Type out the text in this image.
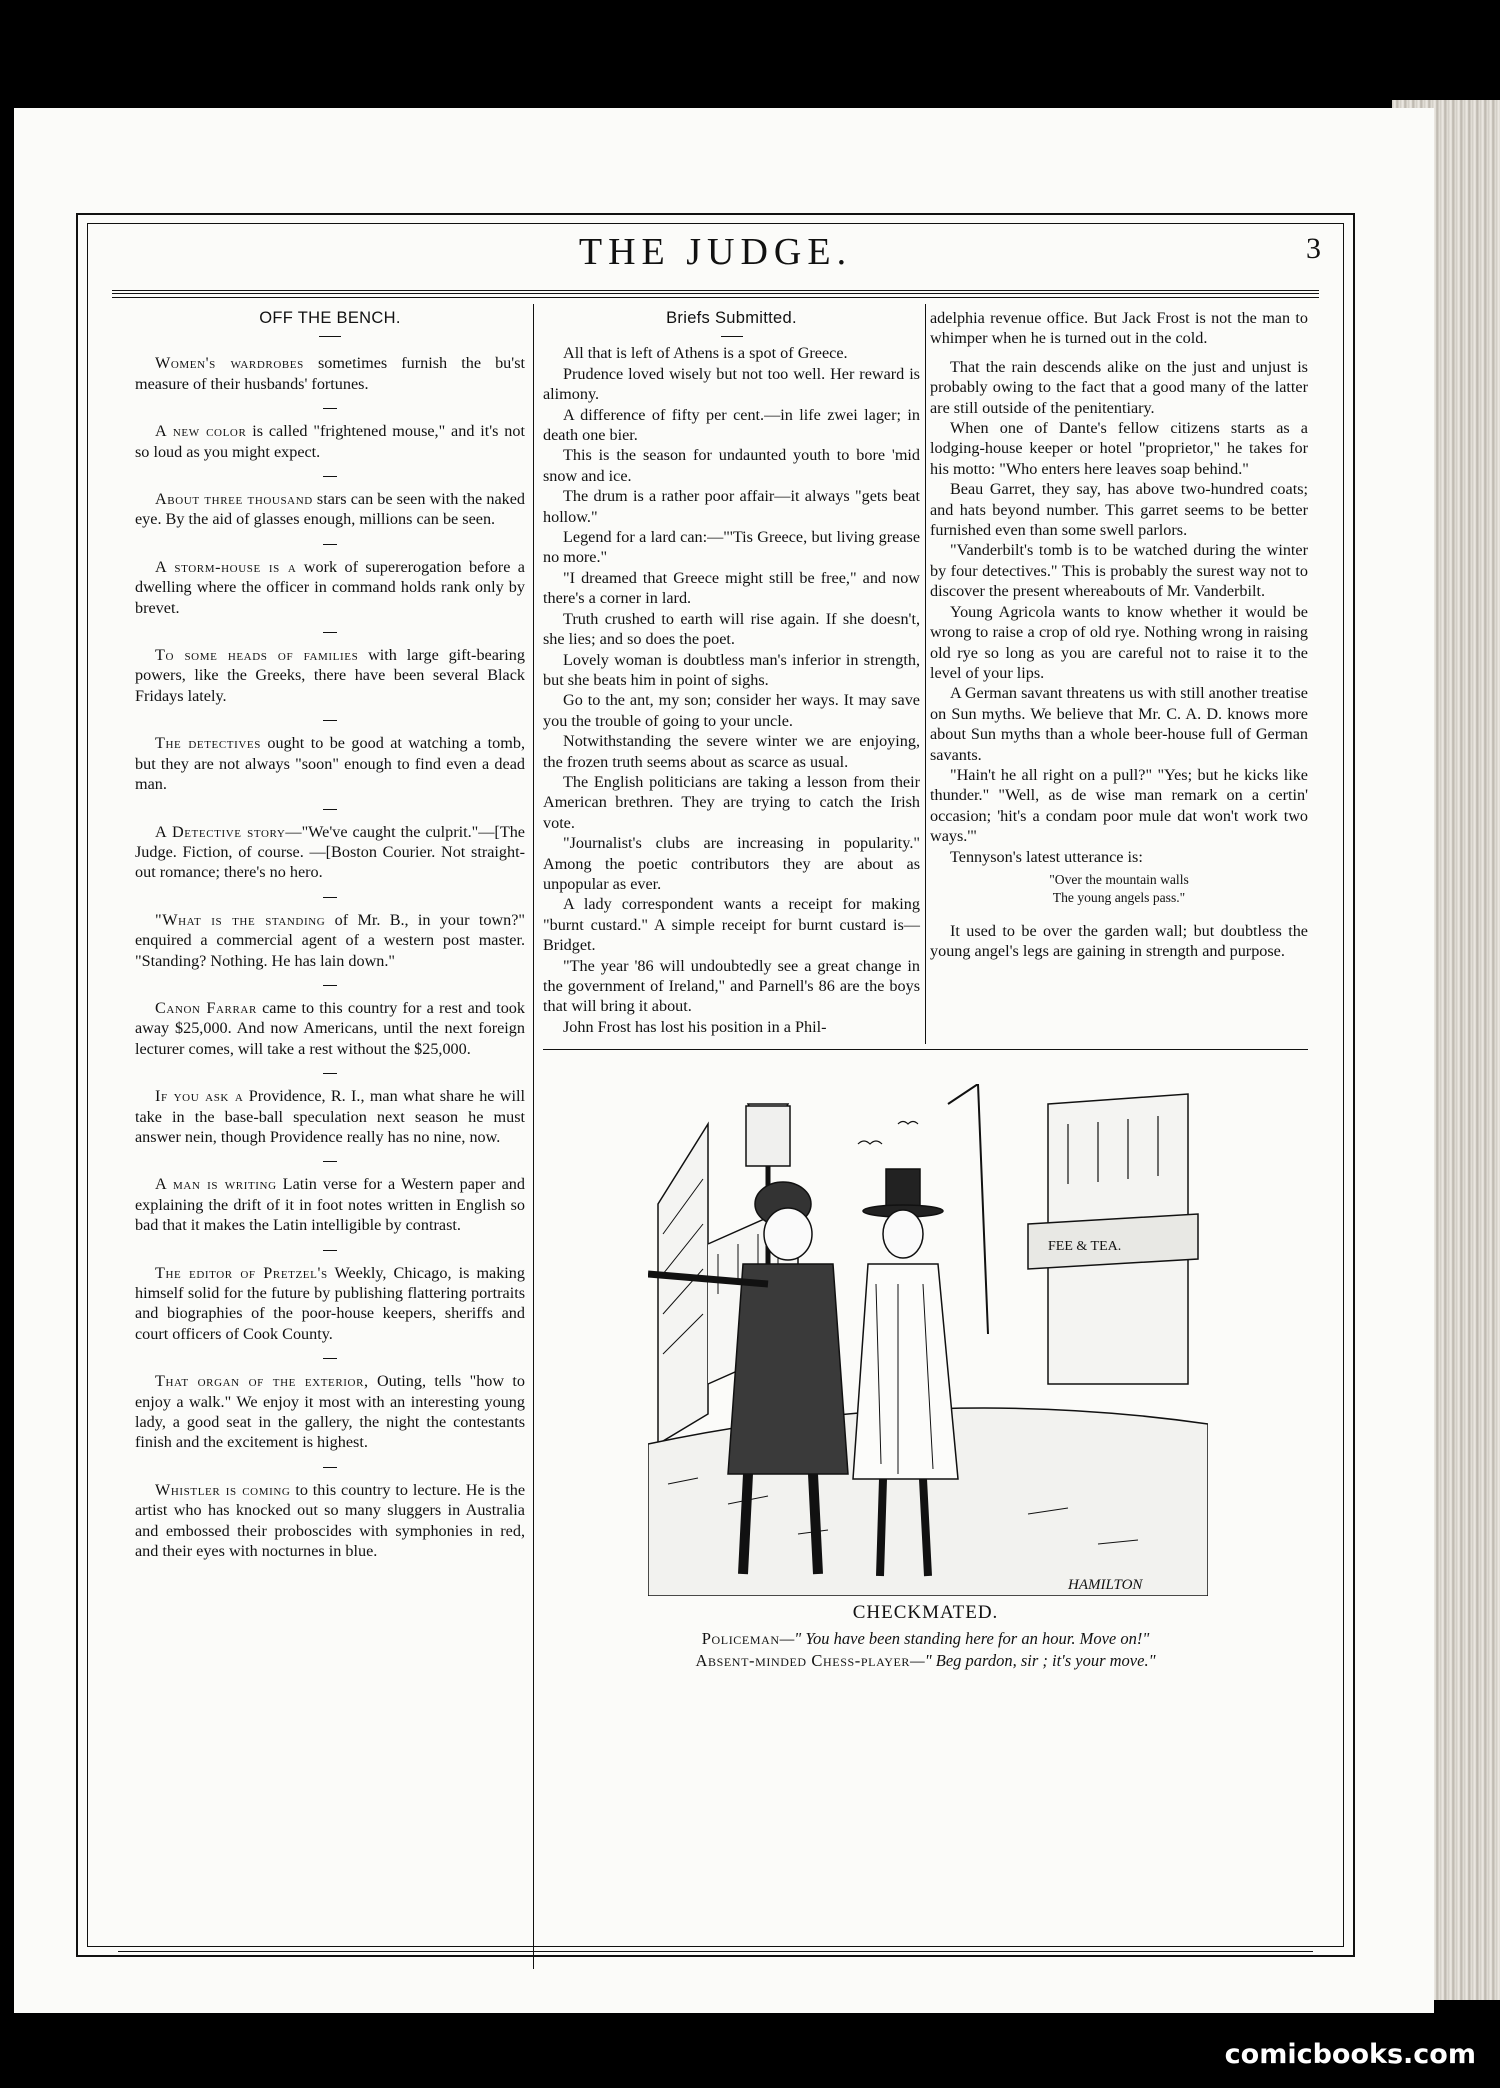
THE JUDGE.	3
OFF THE BENCH.

Women's wardrobes sometimes furnish the bu'st measure of their husbands' fortunes.

A new color is called "frightened mouse," and it's not so loud as you might expect.

About three thousand stars can be seen with the naked eye. By the aid of glasses enough, millions can be seen.

A storm-house is a work of supererogation before a dwelling where the officer in command holds rank only by brevet.

To some heads of families with large gift-bearing powers, like the Greeks, there have been several Black Fridays lately.

The detectives ought to be good at watching a tomb, but they are not always "soon" enough to find even a dead man.

A Detective story—"We've caught the culprit."—[The Judge. Fiction, of course. —[Boston Courier. Not straight-out romance; there's no hero.

"What is the standing of Mr. B., in your town?" enquired a commercial agent of a western post master. "Standing? Nothing. He has lain down."

Canon Farrar came to this country for a rest and took away $25,000. And now Americans, until the next foreign lecturer comes, will take a rest without the $25,000.

If you ask a Providence, R. I., man what share he will take in the base-ball speculation next season he must answer nein, though Providence really has no nine, now.

A man is writing Latin verse for a Western paper and explaining the drift of it in foot notes written in English so bad that it makes the Latin intelligible by contrast.

The editor of Pretzel's Weekly, Chicago, is making himself solid for the future by publishing flattering portraits and biographies of the poor-house keepers, sheriffs and court officers of Cook County.

That organ of the exterior, Outing, tells "how to enjoy a walk." We enjoy it most with an interesting young lady, a good seat in the gallery, the night the contestants finish and the excitement is highest.

Whistler is coming to this country to lecture. He is the artist who has knocked out so many sluggers in Australia and embossed their proboscides with symphonies in red, and their eyes with nocturnes in blue.

Briefs Submitted.

All that is left of Athens is a spot of Greece.

Prudence loved wisely but not too well. Her reward is alimony.

A difference of fifty per cent.—in life zwei lager; in death one bier.

This is the season for undaunted youth to bore 'mid snow and ice.

The drum is a rather poor affair—it always "gets beat hollow."

Legend for a lard can:—"'Tis Greece, but living grease no more."

"I dreamed that Greece might still be free," and now there's a corner in lard.

Truth crushed to earth will rise again. If she doesn't, she lies; and so does the poet.

Lovely woman is doubtless man's inferior in strength, but she beats him in point of sighs.

Go to the ant, my son; consider her ways. It may save you the trouble of going to your uncle.

Notwithstanding the severe winter we are enjoying, the frozen truth seems about as scarce as usual.

The English politicians are taking a lesson from their American brethren. They are trying to catch the Irish vote.

"Journalist's clubs are increasing in popularity." Among the poetic contributors they are about as unpopular as ever.

A lady correspondent wants a receipt for making "burnt custard." A simple receipt for burnt custard is—Bridget.

"The year '86 will undoubtedly see a great change in the government of Ireland," and Parnell's 86 are the boys that will bring it about.

John Frost has lost his position in a Phil-

adelphia revenue office. But Jack Frost is not the man to whimper when he is turned out in the cold.

That the rain descends alike on the just and unjust is probably owing to the fact that a good many of the latter are still outside of the penitentiary.

When one of Dante's fellow citizens starts as a lodging-house keeper or hotel "proprietor," he takes for his motto: "Who enters here leaves soap behind."

Beau Garret, they say, has above two-hundred coats; and hats beyond number. This garret seems to be better furnished even than some swell parlors.

"Vanderbilt's tomb is to be watched during the winter by four detectives." This is probably the surest way not to discover the present whereabouts of Mr. Vanderbilt.

Young Agricola wants to know whether it would be wrong to raise a crop of old rye. Nothing wrong in raising old rye so long as you are careful not to raise it to the level of your lips.

A German savant threatens us with still another treatise on Sun myths. We believe that Mr. C. A. D. knows more about Sun myths than a whole beer-house full of German savants.

"Hain't he all right on a pull?" "Yes; but he kicks like thunder." "Well, as de wise man remark on a certin' occasion; 'hit's a condam poor mule dat won't work two ways.'"

Tennyson's latest utterance is:

"Over the mountain walls
The young angels pass."

It used to be over the garden wall; but doubtless the young angel's legs are gaining in strength and purpose.

FEE & TEA.
HAMILTON
CHECKMATED.
Policeman—" You have been standing here for an hour. Move on!"
Absent-minded Chess-player—" Beg pardon, sir ; it's your move."
comicbooks.com
